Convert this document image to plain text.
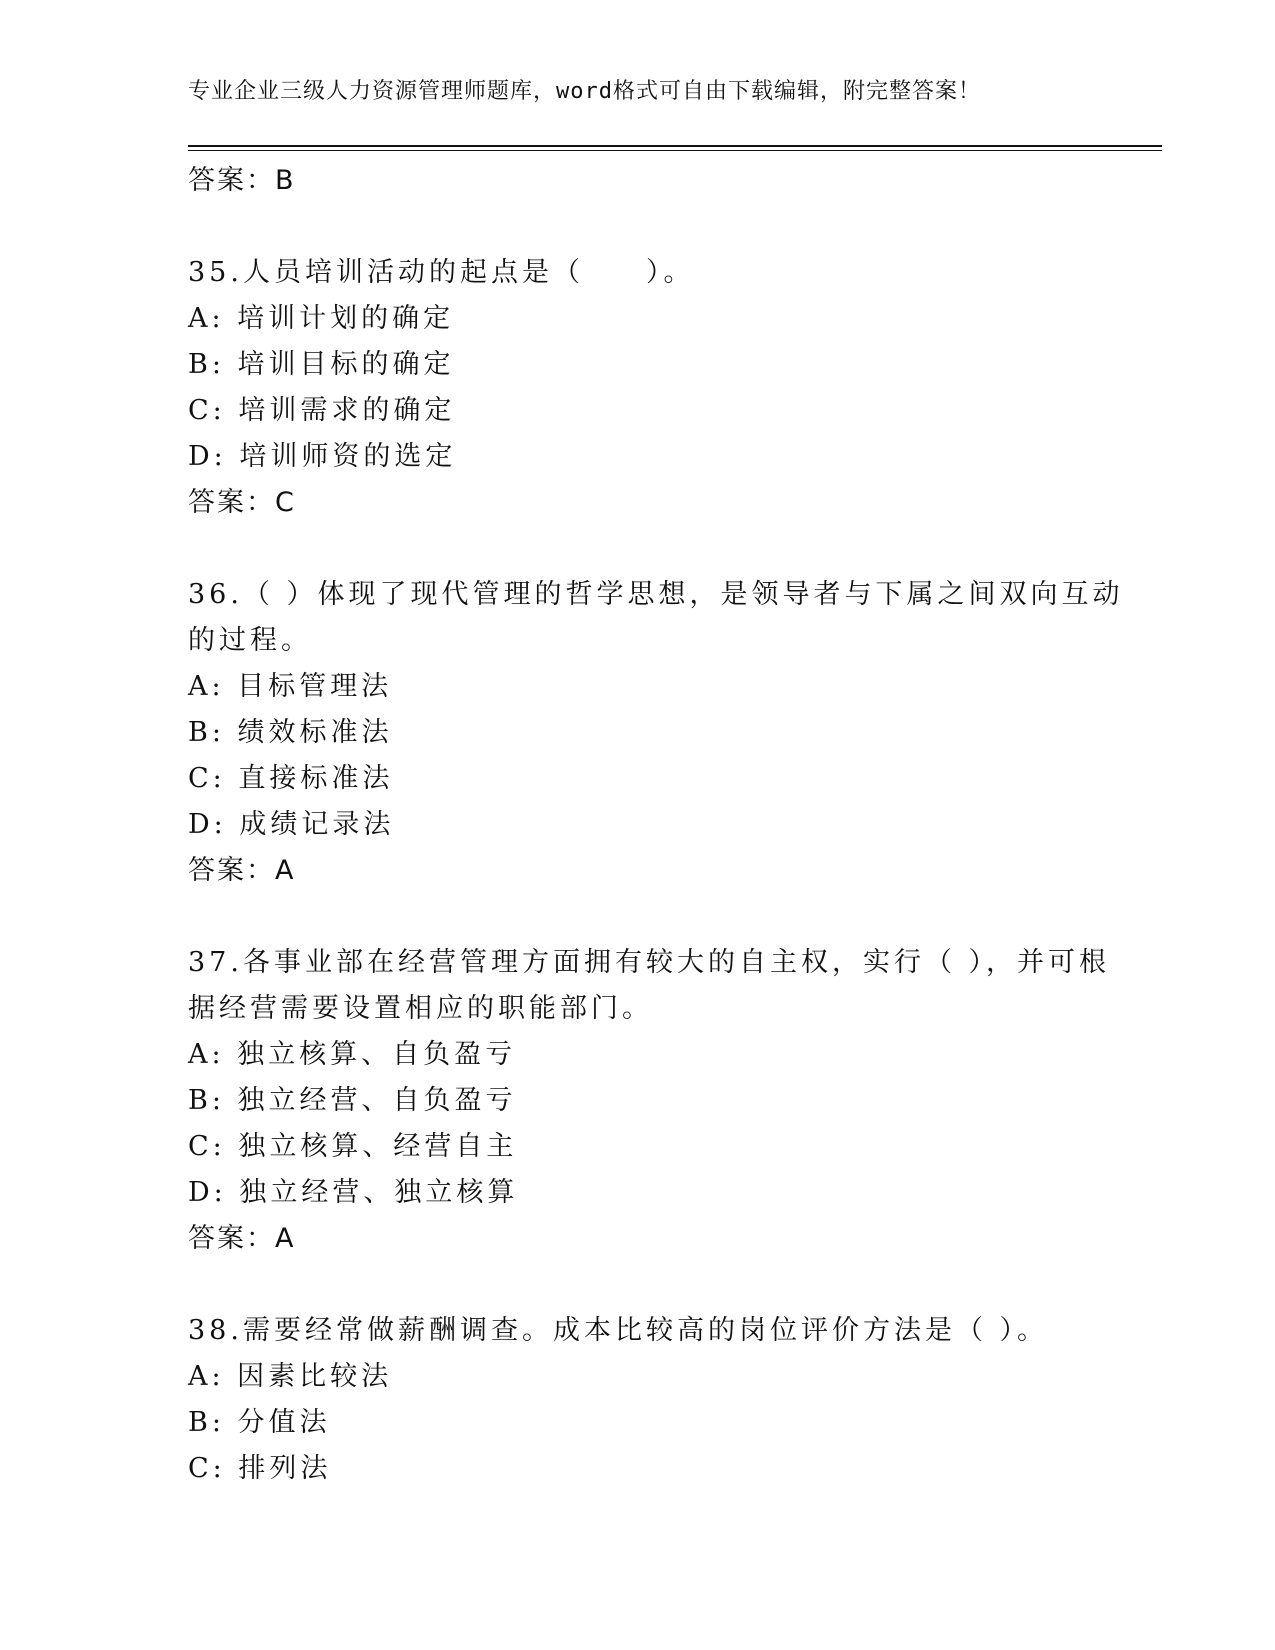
专业企业三级人力资源管理师题库，word格式可自由下载编辑，附完整答案！
答案：B
35.人员培训活动的起点是（　　）。
A: 培训计划的确定
B: 培训目标的确定
C: 培训需求的确定
D: 培训师资的选定
答案：C
36.（ ）体现了现代管理的哲学思想，是领导者与下属之间双向互动
的过程。
A: 目标管理法
B: 绩效标准法
C: 直接标准法
D: 成绩记录法
答案：A
37.各事业部在经营管理方面拥有较大的自主权，实行（ ），并可根
据经营需要设置相应的职能部门。
A: 独立核算、自负盈亏
B: 独立经营、自负盈亏
C: 独立核算、经营自主
D: 独立经营、独立核算
答案：A
38.需要经常做薪酬调查。成本比较高的岗位评价方法是（ ）。
A: 因素比较法
B: 分值法
C: 排列法
